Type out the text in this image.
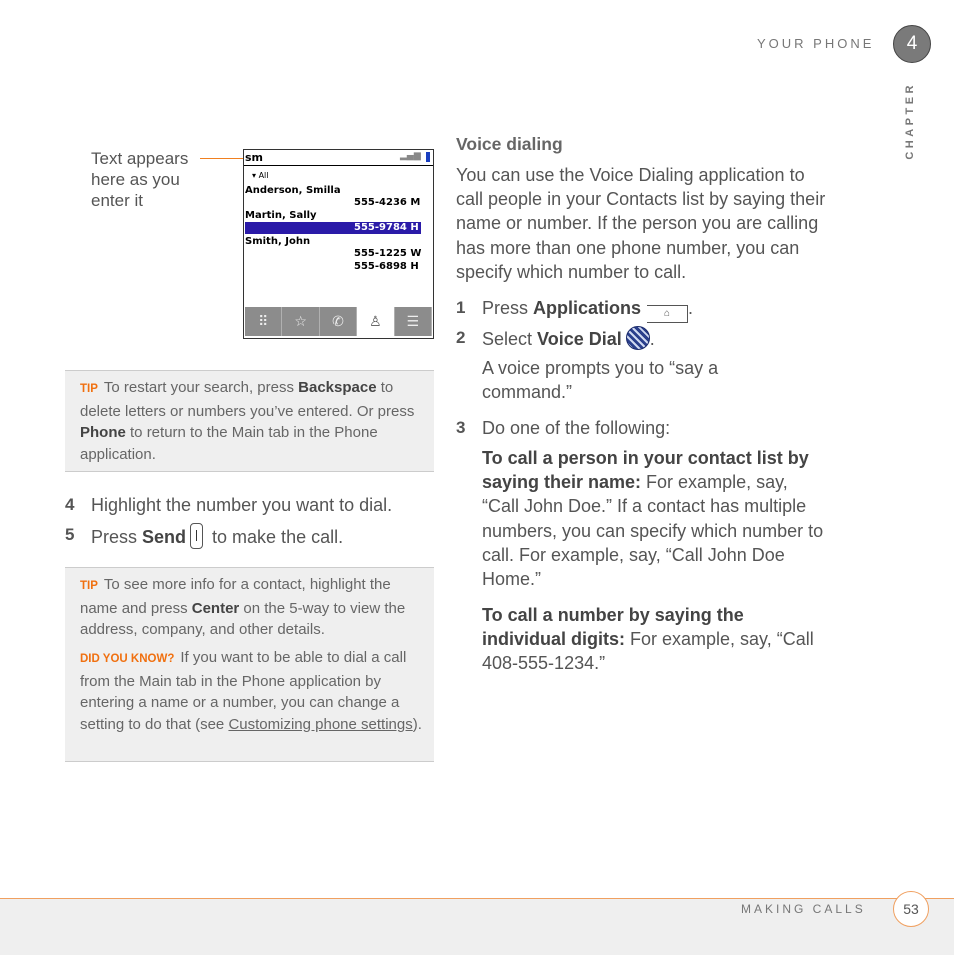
YOUR PHONE	4
CHAPTER
Text appears here as you enter it
sm	▂▄▆
▾ All
Anderson, Smilla
555-4236 M
Martin, Sally
555-9784 H
Smith, John
555-1225 W
555-6898 H
⠿	☆	✆	♙	☰

TIP To restart your search, press Backspace to delete letters or numbers you’ve entered. Or press Phone to return to the Main tab in the Phone application.

4 Highlight the number you want to dial.
5 Press Send to make the call.

TIP To see more info for a contact, highlight the name and press Center on the 5-way to view the address, company, and other details.

DID YOU KNOW? If you want to be able to dial a call from the Main tab in the Phone application by entering a name or a number, you can change a setting to do that (see Customizing phone settings).

Voice dialing
You can use the Voice Dialing application to call people in your Contacts list by saying their name or number. If the person you are calling has more than one phone number, you can specify which number to call.
1 Press Applications ⌂ .
2 Select Voice Dial .
A voice prompts you to “say a command.”
3 Do one of the following:
To call a person in your contact list by saying their name: For example, say, “Call John Doe.” If a contact has multiple numbers, you can specify which number to call. For example, say, “Call John Doe Home.”
To call a number by saying the individual digits: For example, say, “Call 408-555-1234.”
MAKING CALLS	53
